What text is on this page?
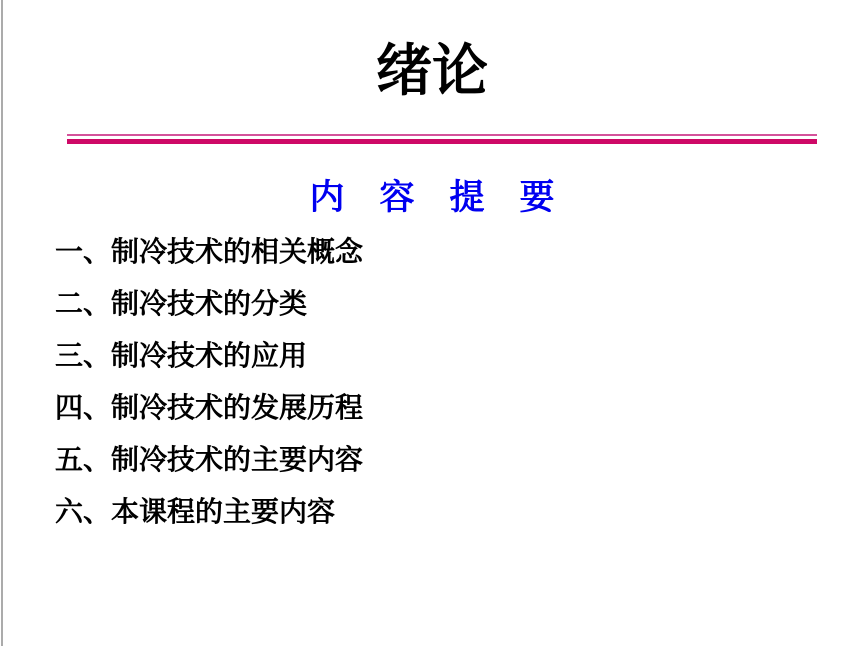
绪论
内　容　提　要
一、制冷技术的相关概念
二、制冷技术的分类
三、制冷技术的应用
四、制冷技术的发展历程
五、制冷技术的主要内容
六、本课程的主要内容
